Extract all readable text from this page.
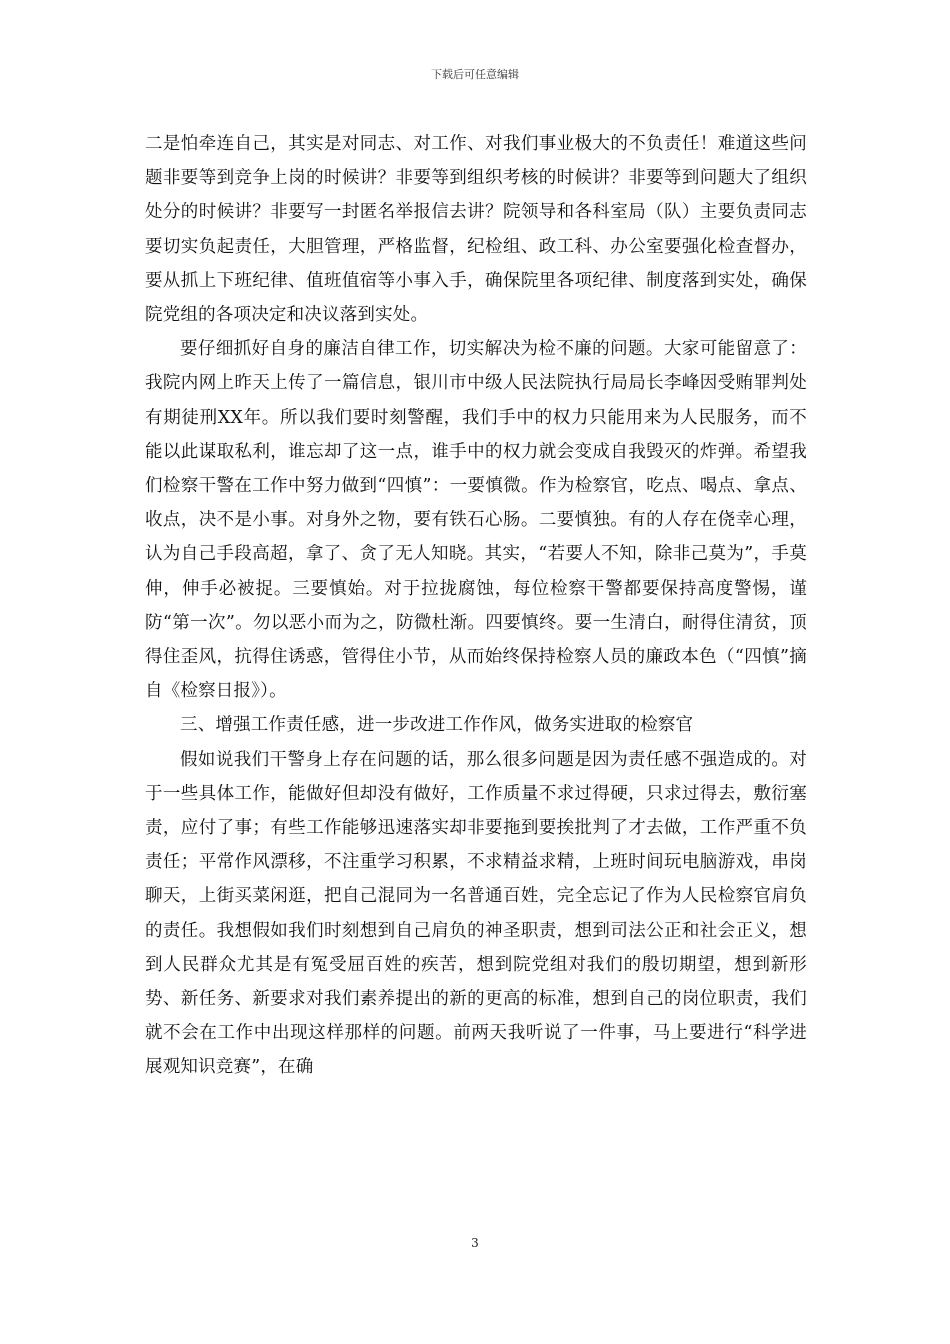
下载后可任意编辑

二是怕牵连自己，其实是对同志、对工作、对我们事业极大的不负责任！难道这些问题非要等到竞争上岗的时候讲？非要等到组织考核的时候讲？非要等到问题大了组织处分的时候讲？非要写一封匿名举报信去讲？院领导和各科室局（队）主要负责同志要切实负起责任，大胆管理，严格监督，纪检组、政工科、办公室要强化检查督办，要从抓上下班纪律、值班值宿等小事入手，确保院里各项纪律、制度落到实处，确保院党组的各项决定和决议落到实处。

要仔细抓好自身的廉洁自律工作，切实解决为检不廉的问题。大家可能留意了：我院内网上昨天上传了一篇信息，银川市中级人民法院执行局局长李峰因受贿罪判处有期徒刑XX年。所以我们要时刻警醒，我们手中的权力只能用来为人民服务，而不能以此谋取私利，谁忘却了这一点，谁手中的权力就会变成自我毁灭的炸弹。希望我们检察干警在工作中努力做到“四慎”：一要慎微。作为检察官，吃点、喝点、拿点、收点，决不是小事。对身外之物，要有铁石心肠。二要慎独。有的人存在侥幸心理，认为自己手段高超，拿了、贪了无人知晓。其实，“若要人不知，除非己莫为”，手莫伸，伸手必被捉。三要慎始。对于拉拢腐蚀，每位检察干警都要保持高度警惕，谨防“第一次”。勿以恶小而为之，防微杜渐。四要慎终。要一生清白，耐得住清贫，顶得住歪风，抗得住诱惑，管得住小节，从而始终保持检察人员的廉政本色（“四慎”摘自《检察日报》）。

三、增强工作责任感，进一步改进工作作风，做务实进取的检察官

假如说我们干警身上存在问题的话，那么很多问题是因为责任感不强造成的。对于一些具体工作，能做好但却没有做好，工作质量不求过得硬，只求过得去，敷衍塞责，应付了事；有些工作能够迅速落实却非要拖到要挨批判了才去做，工作严重不负责任；平常作风漂移，不注重学习积累，不求精益求精，上班时间玩电脑游戏，串岗聊天，上街买菜闲逛，把自己混同为一名普通百姓，完全忘记了作为人民检察官肩负的责任。我想假如我们时刻想到自己肩负的神圣职责，想到司法公正和社会正义，想到人民群众尤其是有冤受屈百姓的疾苦，想到院党组对我们的殷切期望，想到新形势、新任务、新要求对我们素养提出的新的更高的标准，想到自己的岗位职责，我们就不会在工作中出现这样那样的问题。前两天我听说了一件事，马上要进行“科学进展观知识竞赛”，在确

3
